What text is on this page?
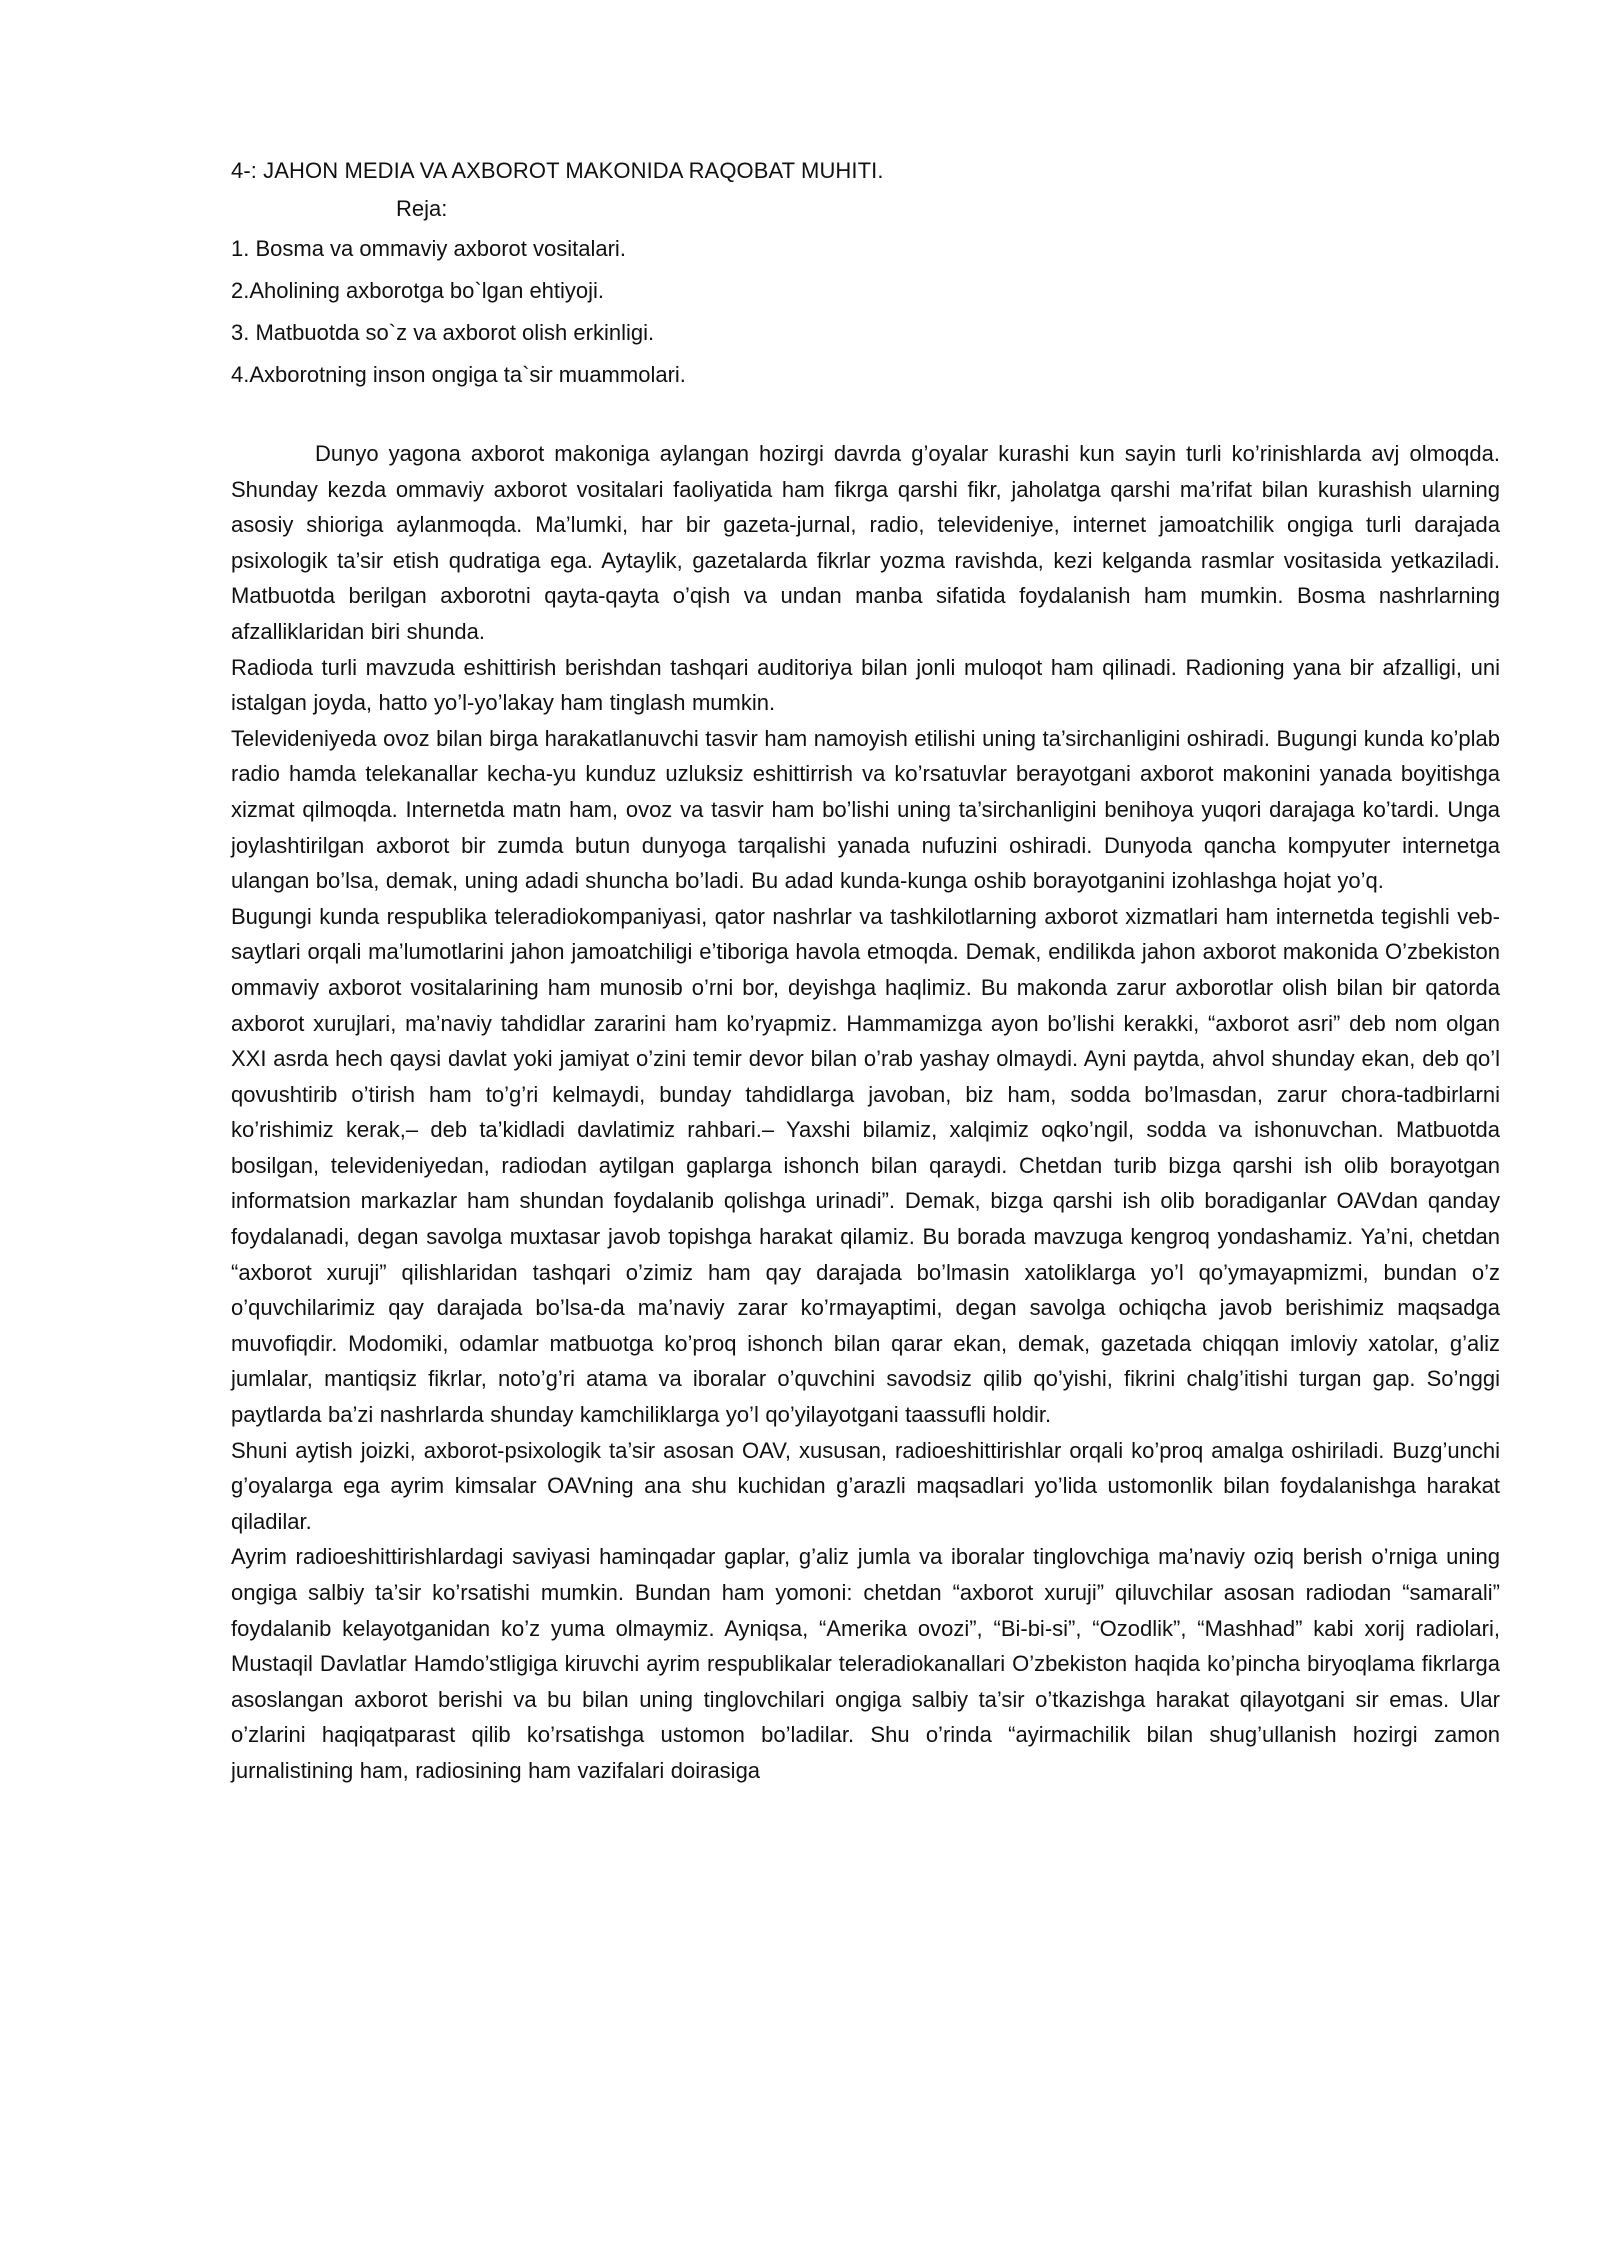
4-: JAHON MEDIA VA AXBOROT MAKONIDA RAQOBAT MUHITI.
Reja:
1. Bosma va ommaviy axborot vositalari.
2.Aholining axborotga bo`lgan ehtiyoji.
3. Matbuotda so`z va axborot olish erkinligi.
4.Axborotning inson ongiga ta`sir muammolari.

Dunyo yagona axborot makoniga aylangan hozirgi davrda g’oyalar kurashi kun sayin turli ko’rinishlarda avj olmoqda. Shunday kezda ommaviy axborot vositalari faoliyatida ham fikrga qarshi fikr, jaholatga qarshi ma’rifat bilan kurashish ularning asosiy shioriga aylanmoqda. Ma’lumki, har bir gazeta-jurnal, radio, televideniye, internet jamoatchilik ongiga turli darajada psixologik ta’sir etish qudratiga ega. Aytaylik, gazetalarda fikrlar yozma ravishda, kezi kelganda rasmlar vositasida yetkaziladi. Matbuotda berilgan axborotni qayta-qayta o’qish va undan manba sifatida foydalanish ham mumkin. Bosma nashrlarning afzalliklaridan biri shunda.

Radioda turli mavzuda eshittirish berishdan tashqari auditoriya bilan jonli muloqot ham qilinadi. Radioning yana bir afzalligi, uni istalgan joyda, hatto yo’l-yo’lakay ham tinglash mumkin.

Televideniyeda ovoz bilan birga harakatlanuvchi tasvir ham namoyish etilishi uning ta’sirchanligini oshiradi. Bugungi kunda ko’plab radio hamda telekanallar kecha-yu kunduz uzluksiz eshittirrish va ko’rsatuvlar berayotgani axborot makonini yanada boyitishga xizmat qilmoqda. Internetda matn ham, ovoz va tasvir ham bo’lishi uning ta’sirchanligini benihoya yuqori darajaga ko’tardi. Unga joylashtirilgan axborot bir zumda butun dunyoga tarqalishi yanada nufuzini oshiradi. Dunyoda qancha kompyuter internetga ulangan bo’lsa, demak, uning adadi shuncha bo’ladi. Bu adad kunda-kunga oshib borayotganini izohlashga hojat yo’q.

Bugungi kunda respublika teleradiokompaniyasi, qator nashrlar va tashkilotlarning axborot xizmatlari ham internetda tegishli veb-saytlari orqali ma’lumotlarini jahon jamoatchiligi e’tiboriga havola etmoqda. Demak, endilikda jahon axborot makonida O’zbekiston ommaviy axborot vositalarining ham munosib o’rni bor, deyishga haqlimiz. Bu makonda zarur axborotlar olish bilan bir qatorda axborot xurujlari, ma’naviy tahdidlar zararini ham ko’ryapmiz. Hammamizga ayon bo’lishi kerakki, “axborot asri” deb nom olgan XXI asrda hech qaysi davlat yoki jamiyat o’zini temir devor bilan o’rab yashay olmaydi. Ayni paytda, ahvol shunday ekan, deb qo’l qovushtirib o’tirish ham to’g’ri kelmaydi, bunday tahdidlarga javoban, biz ham, sodda bo’lmasdan, zarur chora-tadbirlarni ko’rishimiz kerak,– deb ta’kidladi davlatimiz rahbari.– Yaxshi bilamiz, xalqimiz oqko’ngil, sodda va ishonuvchan. Matbuotda bosilgan, televideniyedan, radiodan aytilgan gaplarga ishonch bilan qaraydi. Chetdan turib bizga qarshi ish olib borayotgan informatsion markazlar ham shundan foydalanib qolishga urinadi”. Demak, bizga qarshi ish olib boradiganlar OAVdan qanday foydalanadi, degan savolga muxtasar javob topishga harakat qilamiz. Bu borada mavzuga kengroq yondashamiz. Ya’ni, chetdan “axborot xuruji” qilishlaridan tashqari o’zimiz ham qay darajada bo’lmasin xatoliklarga yo’l qo’ymayapmizmi, bundan o’z o’quvchilarimiz qay darajada bo’lsa-da ma’naviy zarar ko’rmayaptimi, degan savolga ochiqcha javob berishimiz maqsadga muvofiqdir. Modomiki, odamlar matbuotga ko’proq ishonch bilan qarar ekan, demak, gazetada chiqqan imloviy xatolar, g’aliz jumlalar, mantiqsiz fikrlar, noto’g’ri atama va iboralar o’quvchini savodsiz qilib qo’yishi, fikrini chalg’itishi turgan gap. So’nggi paytlarda ba’zi nashrlarda shunday kamchiliklarga yo’l qo’yilayotgani taassufli holdir.

Shuni aytish joizki, axborot-psixologik ta’sir asosan OAV, xususan, radioeshittirishlar orqali ko’proq amalga oshiriladi. Buzg’unchi g’oyalarga ega ayrim kimsalar OAVning ana shu kuchidan g’arazli maqsadlari yo’lida ustomonlik bilan foydalanishga harakat qiladilar.

Ayrim radioeshittirishlardagi saviyasi haminqadar gaplar, g’aliz jumla va iboralar tinglovchiga ma’naviy oziq berish o’rniga uning ongiga salbiy ta’sir ko’rsatishi mumkin. Bundan ham yomoni: chetdan “axborot xuruji” qiluvchilar asosan radiodan “samarali” foydalanib kelayotganidan ko’z yuma olmaymiz. Ayniqsa, “Amerika ovozi”, “Bi-bi-si”, “Ozodlik”, “Mashhad” kabi xorij radiolari, Mustaqil Davlatlar Hamdo’stligiga kiruvchi ayrim respublikalar teleradiokanallari O’zbekiston haqida ko’pincha biryoqlama fikrlarga asoslangan axborot berishi va bu bilan uning tinglovchilari ongiga salbiy ta’sir o’tkazishga harakat qilayotgani sir emas. Ular o’zlarini haqiqatparast qilib ko’rsatishga ustomon bo’ladilar. Shu o’rinda “ayirmachilik bilan shug’ullanish hozirgi zamon jurnalistining ham, radiosining ham vazifalari doirasiga
